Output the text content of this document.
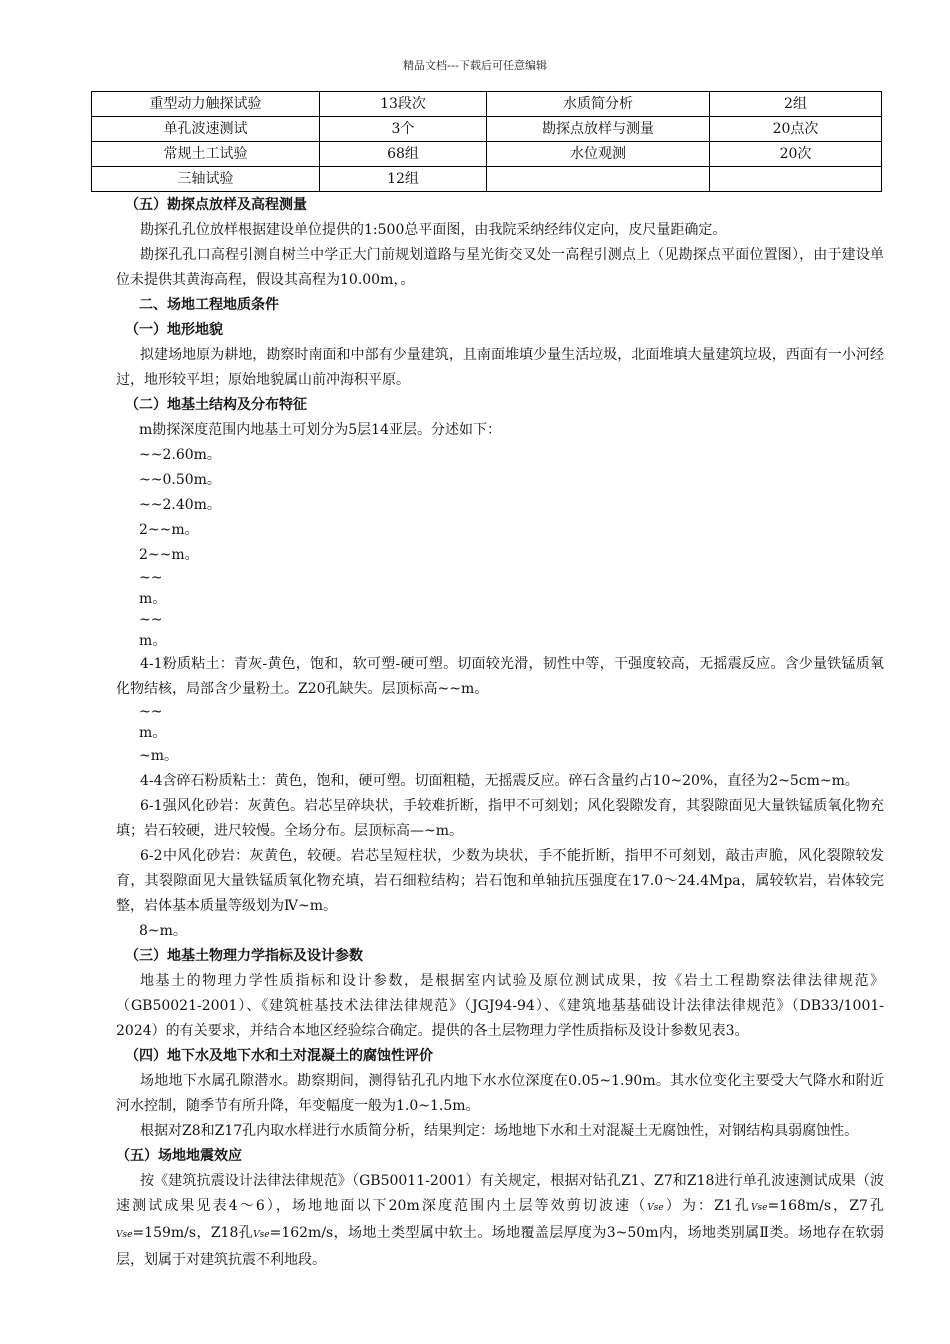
精品文档---下载后可任意编辑
重型动力触探试验	13段次	水质简分析	2组
单孔波速测试	3个	勘探点放样与测量	20点次
常规土工试验	68组	水位观测	20次
三轴试验	12组		
（五）勘探点放样及高程测量
勘探孔孔位放样根据建设单位提供的1:500总平面图，由我院采纳经纬仪定向，皮尺量距确定。
勘探孔孔口高程引测自树兰中学正大门前规划道路与星光街交叉处一高程引测点上（见勘探点平面位置图），由于建设单位未提供其黄海高程，假设其高程为10.00m，。
二、场地工程地质条件
（一）地形地貌
拟建场地原为耕地，勘察时南面和中部有少量建筑，且南面堆填少量生活垃圾，北面堆填大量建筑垃圾，西面有一小河经过，地形较平坦；原始地貌属山前冲海积平原。
（二）地基土结构及分布特征
m勘探深度范围内地基土可划分为5层14亚层。分述如下：
~~2.60m。
~~0.50m。
~~2.40m。
2~~m。
2~~m。
~~
m。
~~
m。
4-1粉质粘土：青灰-黄色，饱和，软可塑-硬可塑。切面较光滑，韧性中等，干强度较高，无摇震反应。含少量铁锰质氧化物结核，局部含少量粉土。Z20孔缺失。层顶标高~~m。
~~
m。
~m。
4-4含碎石粉质粘土：黄色，饱和，硬可塑。切面粗糙，无摇震反应。碎石含量约占10~20%，直径为2~5cm~m。
6-1强风化砂岩：灰黄色。岩芯呈碎块状，手较难折断，指甲不可刻划；风化裂隙发育，其裂隙面见大量铁锰质氧化物充填；岩石较硬，进尺较慢。全场分布。层顶标高—~m。
6-2中风化砂岩：灰黄色，较硬。岩芯呈短柱状，少数为块状，手不能折断，指甲不可刻划，敲击声脆，风化裂隙较发育，其裂隙面见大量铁锰质氧化物充填，岩石细粒结构；岩石饱和单轴抗压强度在17.0～24.4Mpa，属较软岩，岩体较完整，岩体基本质量等级划为Ⅳ~m。
8~m。
（三）地基土物理力学指标及设计参数
地基土的物理力学性质指标和设计参数，是根据室内试验及原位测试成果，按《岩土工程勘察法律法律规范》（GB50021-2001）、《建筑桩基技术法律法律规范》（JGJ94-94）、《建筑地基基础设计法律法律规范》（DB33/1001-2024）的有关要求，并结合本地区经验综合确定。提供的各土层物理力学性质指标及设计参数见表3。
（四）地下水及地下水和土对混凝土的腐蚀性评价
场地地下水属孔隙潜水。勘察期间，测得钻孔孔内地下水水位深度在0.05~1.90m。其水位变化主要受大气降水和附近河水控制，随季节有所升降，年变幅度一般为1.0~1.5m。
根据对Z8和Z17孔内取水样进行水质简分析，结果判定：场地地下水和土对混凝土无腐蚀性，对钢结构具弱腐蚀性。
（五）场地地震效应
按《建筑抗震设计法律法律规范》（GB50011-2001）有关规定，根据对钻孔Z1、Z7和Z18进行单孔波速测试成果（波速测试成果见表4～6），场地地面以下20m深度范围内土层等效剪切波速（Vse）为：Z1孔Vse=168m/s，Z7孔Vse=159m/s，Z18孔Vse=162m/s，场地土类型属中软土。场地覆盖层厚度为3~50m内，场地类别属Ⅱ类。场地存在软弱层，划属于对建筑抗震不利地段。
